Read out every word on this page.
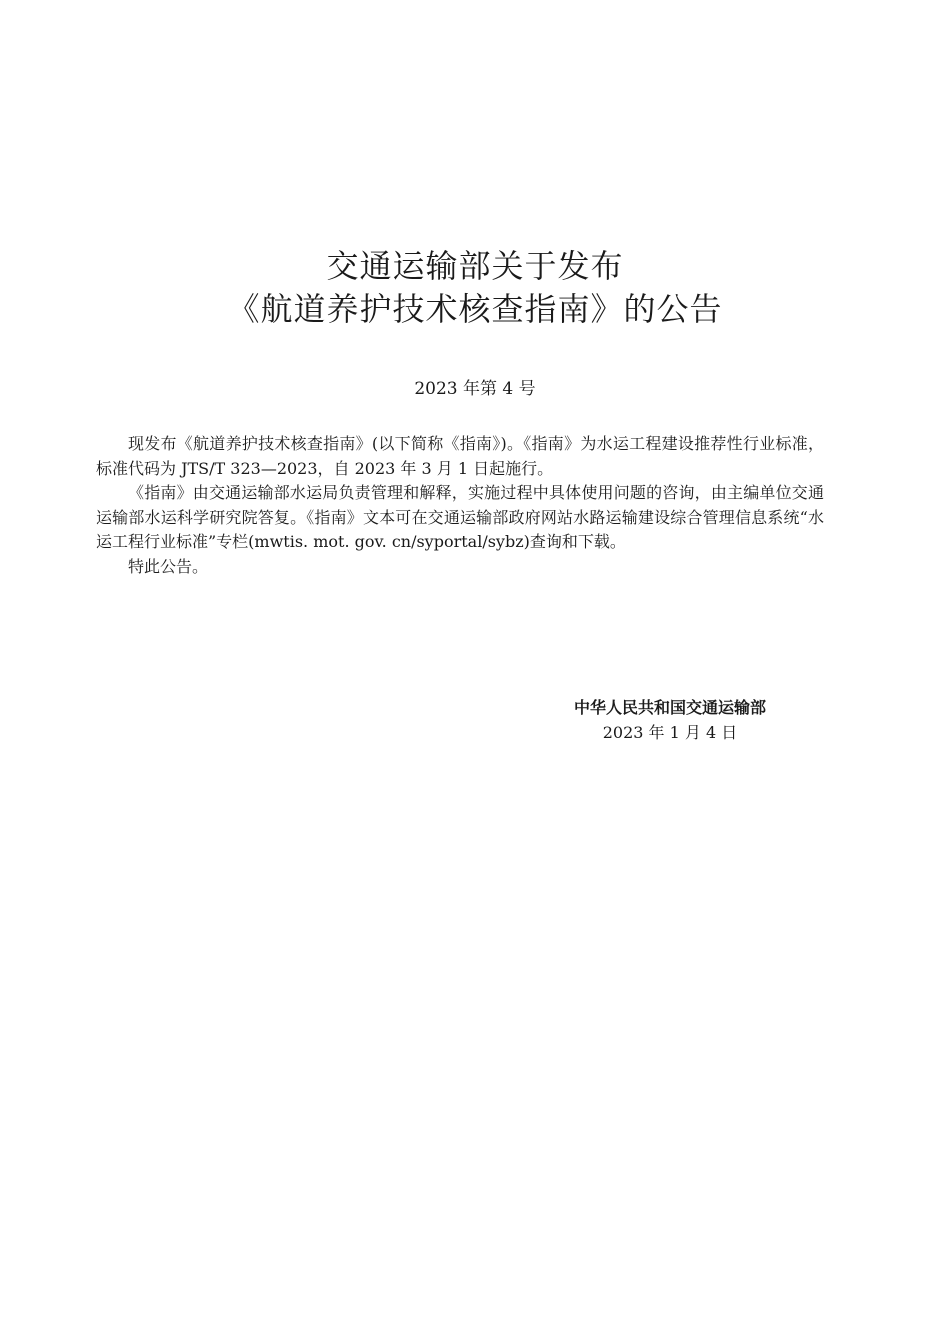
交通运输部关于发布
《航道养护技术核查指南》的公告
2023 年第 4 号

现发布《航道养护技术核查指南》(以下简称《指南》)。《指南》为水运工程建设推荐性行业标准，标准代码为 JTS/T 323—2023，自 2023 年 3 月 1 日起施行。

《指南》由交通运输部水运局负责管理和解释，实施过程中具体使用问题的咨询，由主编单位交通运输部水运科学研究院答复。《指南》文本可在交通运输部政府网站水路运输建设综合管理信息系统“水运工程行业标准”专栏(mwtis. mot. gov. cn/syportal/sybz)查询和下载。

特此公告。

中华人民共和国交通运输部
2023 年 1 月 4 日
